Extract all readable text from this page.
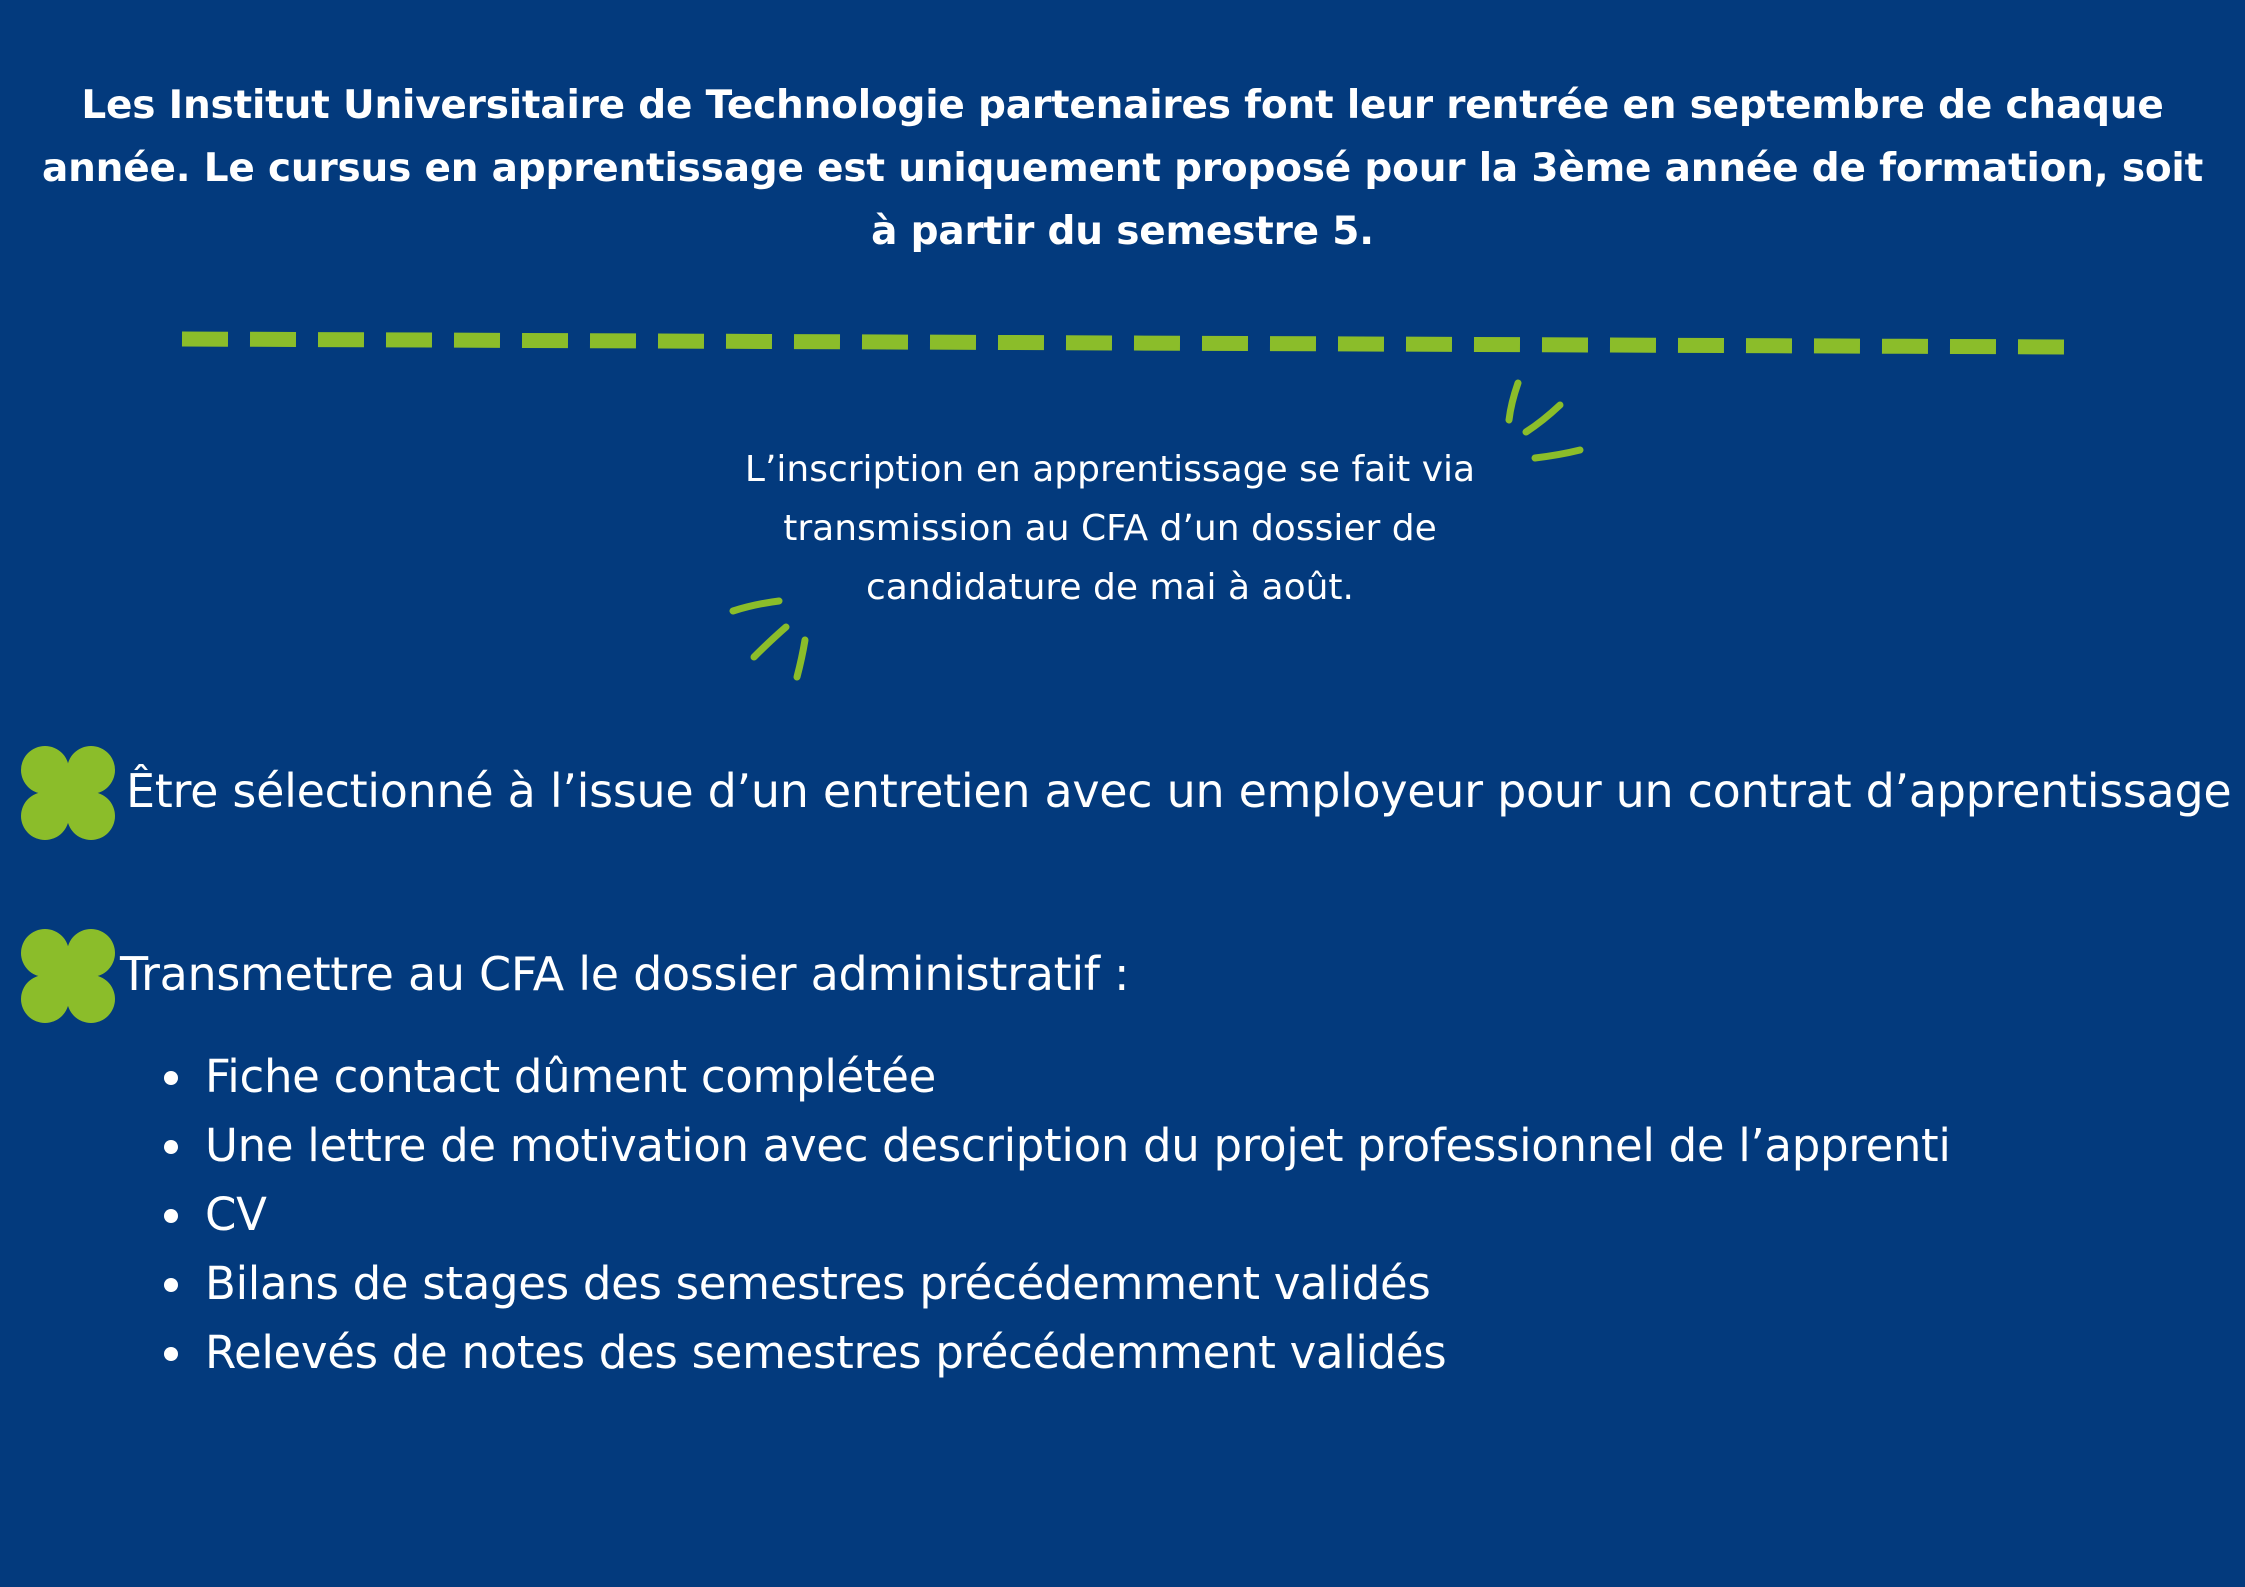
Les Institut Universitaire de Technologie partenaires font leur rentrée en septembre de chaque année. Le cursus en apprentissage est uniquement proposé pour la 3ème année de formation, soit à partir du semestre 5.
L’inscription en apprentissage se fait via
transmission au CFA d’un dossier de
candidature de mai à août.
Être sélectionné à l’issue d’un entretien avec un employeur pour un contrat d’apprentissage
Transmettre au CFA le dossier administratif :
Fiche contact dûment complétée
Une lettre de motivation avec description du projet professionnel de l’apprenti
CV
Bilans de stages des semestres précédemment validés
Relevés de notes des semestres précédemment validés
